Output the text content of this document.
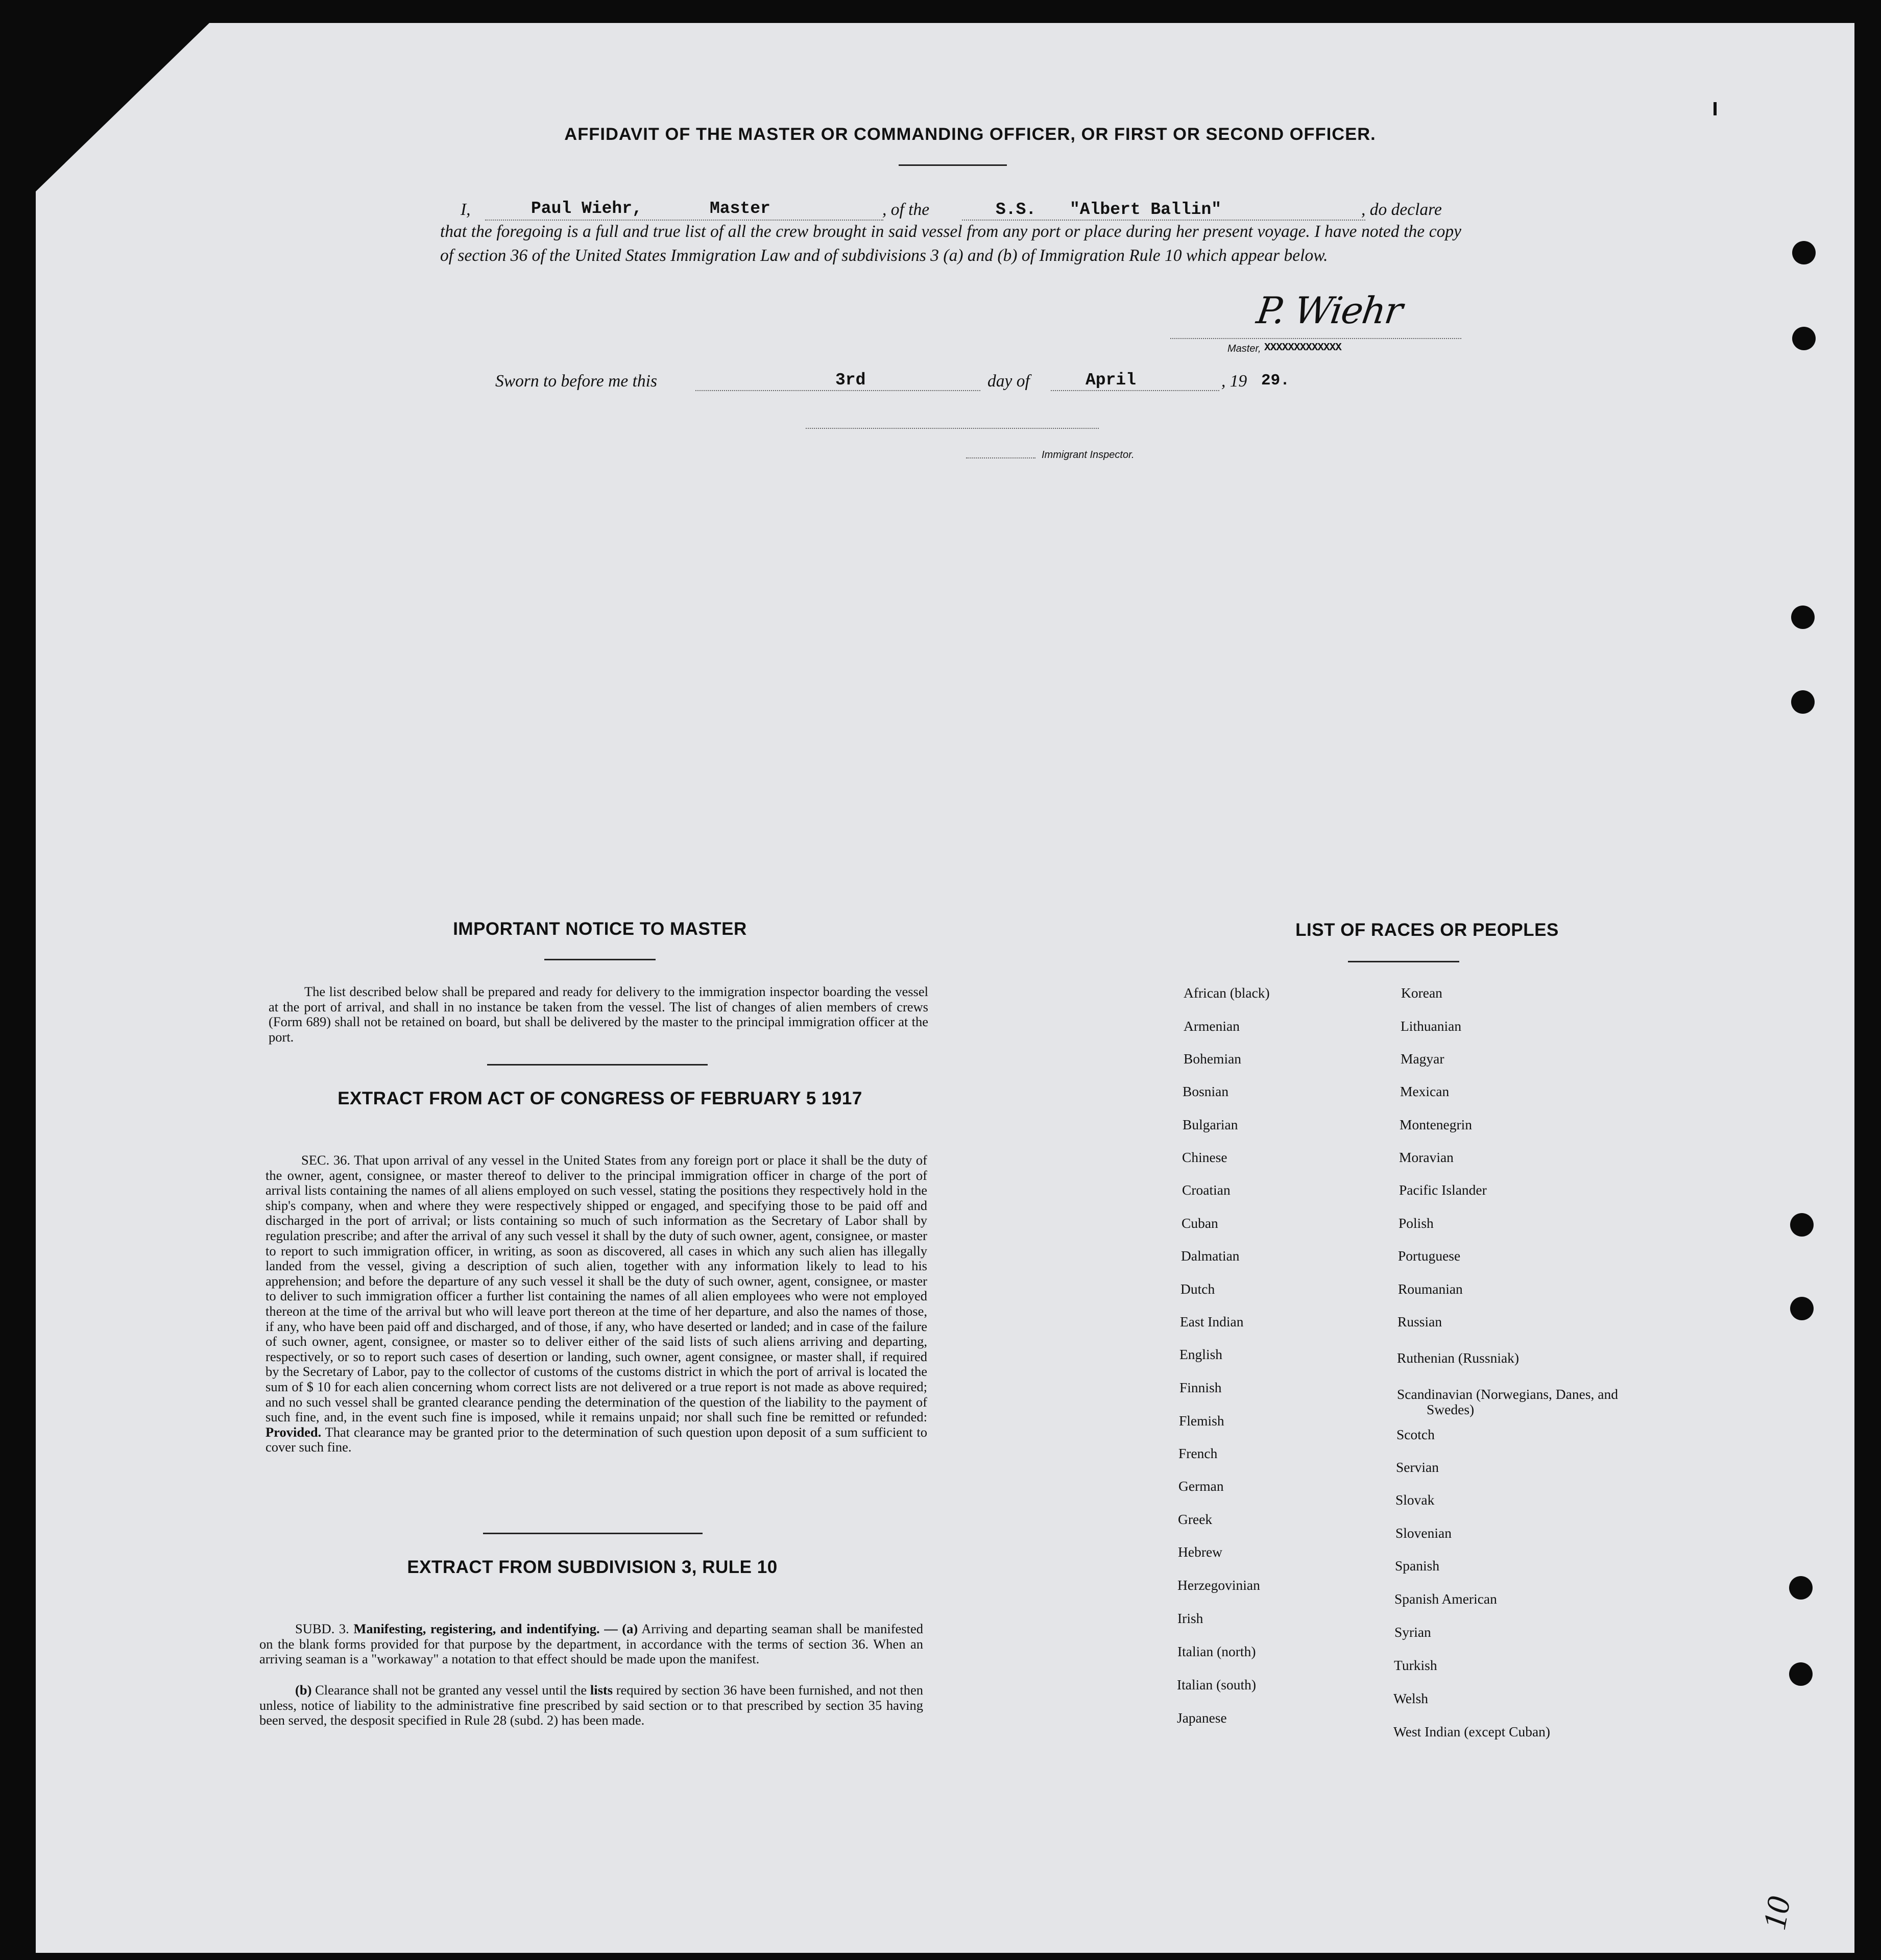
AFFIDAVIT OF THE MASTER OR COMMANDING OFFICER, OR FIRST OR SECOND OFFICER.
I,	Paul Wiehr,	Master	, of the	S.S. "Albert Ballin"	, do declare

that the foregoing is a full and true list of all the crew brought in said vessel from any port or place during her present voyage. I have noted the copy of section 36 of the United States Immigration Law and of subdivisions 3 (a) and (b) of Immigration Rule 10 which appear below.

P. Wiehr
Master, XXXXXXXXXXXXX
Sworn to before me this	3rd	day of	April	, 19 29.
Immigrant Inspector.
IMPORTANT NOTICE TO MASTER

The list described below shall be prepared and ready for delivery to the immigration inspector boarding the vessel at the port of arrival, and shall in no instance be taken from the vessel. The list of changes of alien members of crews (Form 689) shall not be retained on board, but shall be delivered by the master to the principal immigration officer at the port.

EXTRACT FROM ACT OF CONGRESS OF FEBRUARY 5 1917

SEC. 36. That upon arrival of any vessel in the United States from any foreign port or place it shall be the duty of the owner, agent, consignee, or master thereof to deliver to the principal immigration officer in charge of the port of arrival lists containing the names of all aliens employed on such vessel, stating the positions they respectively hold in the ship's company, when and where they were respectively shipped or engaged, and specifying those to be paid off and discharged in the port of arrival; or lists containing so much of such information as the Secretary of Labor shall by regulation prescribe; and after the arrival of any such vessel it shall by the duty of such owner, agent, consignee, or master to report to such immigration officer, in writing, as soon as discovered, all cases in which any such alien has illegally landed from the vessel, giving a description of such alien, together with any information likely to lead to his apprehension; and before the departure of any such vessel it shall be the duty of such owner, agent, consignee, or master to deliver to such immigration officer a further list containing the names of all alien employees who were not employed thereon at the time of the arrival but who will leave port thereon at the time of her departure, and also the names of those, if any, who have been paid off and discharged, and of those, if any, who have deserted or landed; and in case of the failure of such owner, agent, consignee, or master so to deliver either of the said lists of such aliens arriving and departing, respectively, or so to report such cases of desertion or landing, such owner, agent consignee, or master shall, if required by the Secretary of Labor, pay to the collector of customs of the customs district in which the port of arrival is located the sum of $ 10 for each alien concerning whom correct lists are not delivered or a true report is not made as above required; and no such vessel shall be granted clearance pending the determination of the question of the liability to the payment of such fine, and, in the event such fine is imposed, while it remains unpaid; nor shall such fine be remitted or refunded: Provided. That clearance may be granted prior to the determination of such question upon deposit of a sum sufficient to cover such fine.

EXTRACT FROM SUBDIVISION 3, RULE 10

SUBD. 3. Manifesting, registering, and indentifying. — (a) Arriving and departing seaman shall be manifested on the blank forms provided for that purpose by the department, in accordance with the terms of section 36. When an arriving seaman is a "workaway" a notation to that effect should be made upon the manifest.

(b) Clearance shall not be granted any vessel until the lists required by section 36 have been furnished, and not then unless, notice of liability to the administrative fine prescribed by said section or to that prescribed by section 35 having been served, the desposit specified in Rule 28 (subd. 2) has been made.

LIST OF RACES OR PEOPLES
African (black)
Armenian
Bohemian
Bosnian
Bulgarian
Chinese
Croatian
Cuban
Dalmatian
Dutch
East Indian
English
Finnish
Flemish
French
German
Greek
Hebrew
Herzegovinian
Irish
Italian (north)
Italian (south)
Japanese
Korean
Lithuanian
Magyar
Mexican
Montenegrin
Moravian
Pacific Islander
Polish
Portuguese
Roumanian
Russian
Ruthenian (Russniak)
Scandinavian (Norwegians, Danes, and Swedes)
Scotch
Servian
Slovak
Slovenian
Spanish
Spanish American
Syrian
Turkish
Welsh
West Indian (except Cuban)
10
